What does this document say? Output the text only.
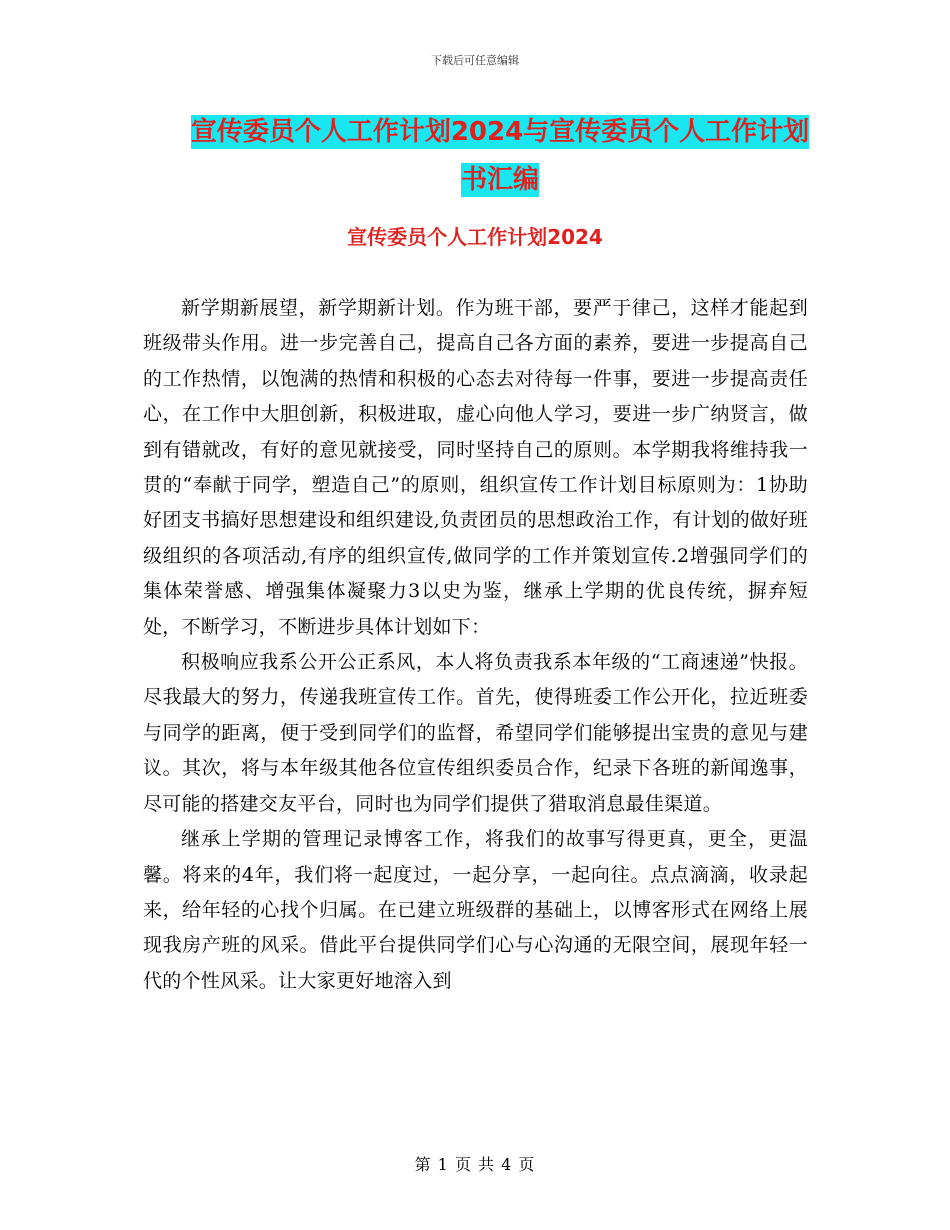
下载后可任意编辑
宣传委员个人工作计划2024与宣传委员个人工作计划
书汇编
宣传委员个人工作计划2024

新学期新展望，新学期新计划。作为班干部，要严于律己，这样才能起到班级带头作用。进一步完善自己，提高自己各方面的素养，要进一步提高自己的工作热情，以饱满的热情和积极的心态去对待每一件事，要进一步提高责任心，在工作中大胆创新，积极进取，虚心向他人学习，要进一步广纳贤言，做到有错就改，有好的意见就接受，同时坚持自己的原则。本学期我将维持我一贯的“奉献于同学，塑造自己”的原则，组织宣传工作计划目标原则为：1协助好团支书搞好思想建设和组织建设,负责团员的思想政治工作，有计划的做好班级组织的各项活动,有序的组织宣传,做同学的工作并策划宣传.2增强同学们的集体荣誉感、增强集体凝聚力3以史为鉴，继承上学期的优良传统，摒弃短处，不断学习，不断进步具体计划如下：

积极响应我系公开公正系风，本人将负责我系本年级的“工商速递”快报。尽我最大的努力，传递我班宣传工作。首先，使得班委工作公开化，拉近班委与同学的距离，便于受到同学们的监督，希望同学们能够提出宝贵的意见与建议。其次，将与本年级其他各位宣传组织委员合作，纪录下各班的新闻逸事，尽可能的搭建交友平台，同时也为同学们提供了猎取消息最佳渠道。

继承上学期的管理记录博客工作，将我们的故事写得更真，更全，更温馨。将来的4年，我们将一起度过，一起分享，一起向往。点点滴滴，收录起来，给年轻的心找个归属。在已建立班级群的基础上，以博客形式在网络上展现我房产班的风采。借此平台提供同学们心与心沟通的无限空间，展现年轻一代的个性风采。让大家更好地溶入到

第 1 页 共 4 页
